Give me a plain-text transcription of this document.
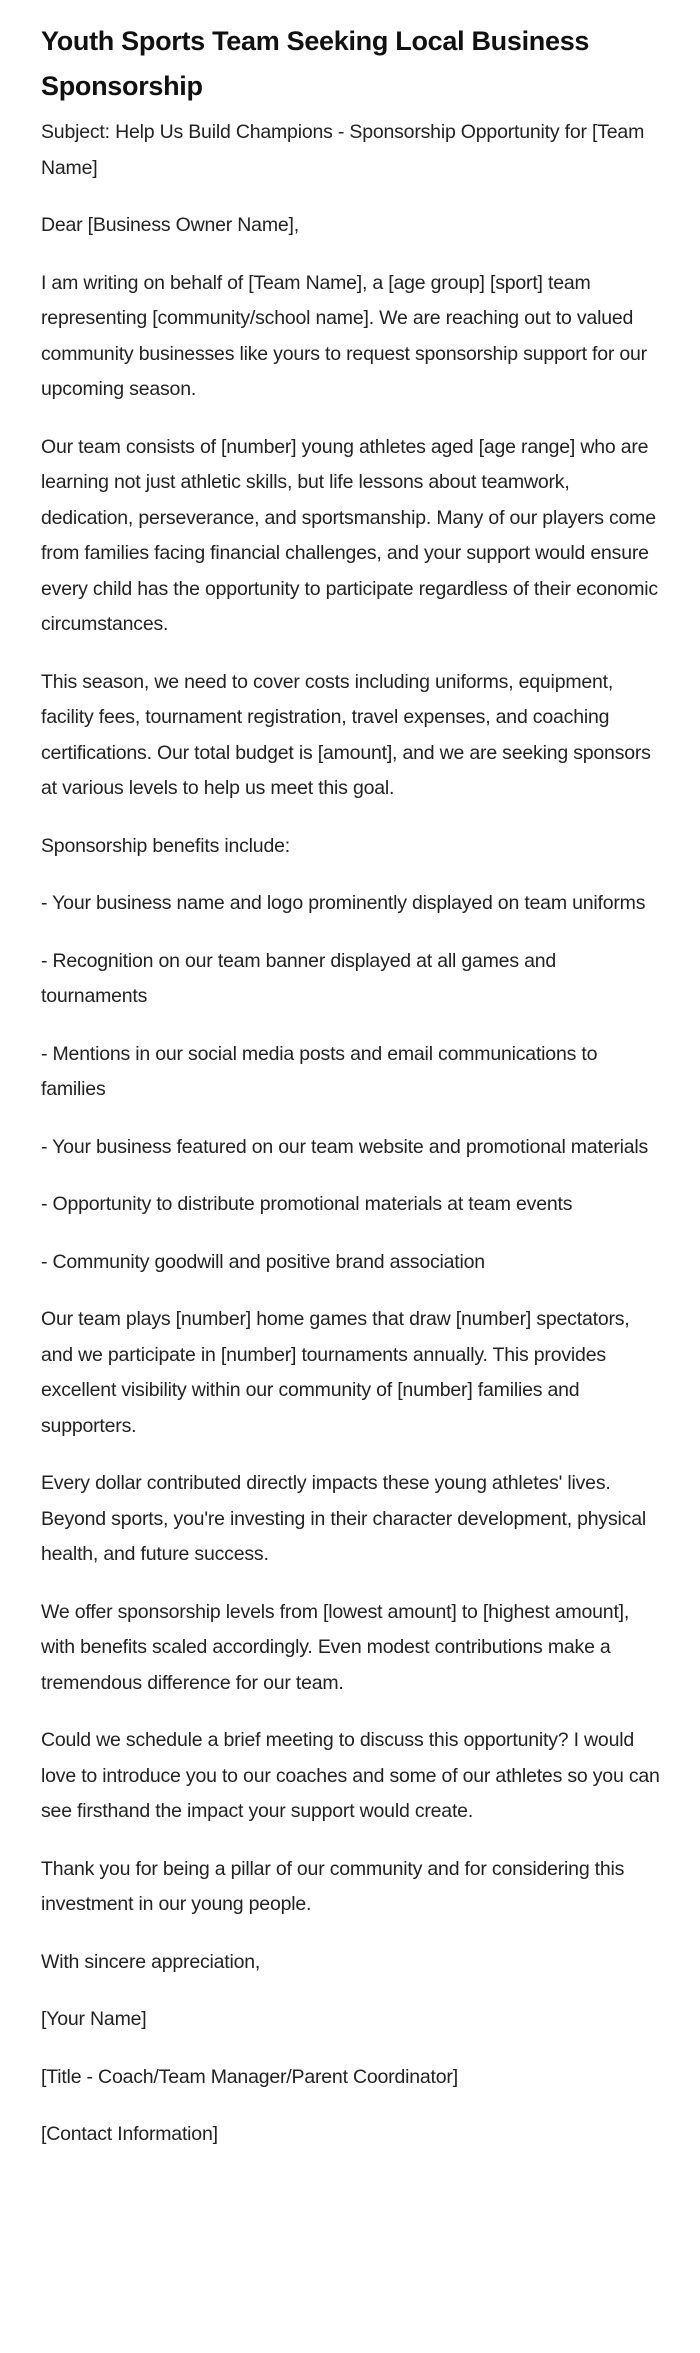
Youth Sports Team Seeking Local Business Sponsorship

Subject: Help Us Build Champions - Sponsorship Opportunity for [Team Name]

Dear [Business Owner Name],

I am writing on behalf of [Team Name], a [age group] [sport] team representing [community/school name]. We are reaching out to valued community businesses like yours to request sponsorship support for our upcoming season.

Our team consists of [number] young athletes aged [age range] who are learning not just athletic skills, but life lessons about teamwork, dedication, perseverance, and sportsmanship. Many of our players come from families facing financial challenges, and your support would ensure every child has the opportunity to participate regardless of their economic circumstances.

This season, we need to cover costs including uniforms, equipment, facility fees, tournament registration, travel expenses, and coaching certifications. Our total budget is [amount], and we are seeking sponsors at various levels to help us meet this goal.

Sponsorship benefits include:

- Your business name and logo prominently displayed on team uniforms

- Recognition on our team banner displayed at all games and tournaments

- Mentions in our social media posts and email communications to families

- Your business featured on our team website and promotional materials

- Opportunity to distribute promotional materials at team events

- Community goodwill and positive brand association

Our team plays [number] home games that draw [number] spectators, and we participate in [number] tournaments annually. This provides excellent visibility within our community of [number] families and supporters.

Every dollar contributed directly impacts these young athletes' lives. Beyond sports, you're investing in their character development, physical health, and future success.

We offer sponsorship levels from [lowest amount] to [highest amount], with benefits scaled accordingly. Even modest contributions make a tremendous difference for our team.

Could we schedule a brief meeting to discuss this opportunity? I would love to introduce you to our coaches and some of our athletes so you can see firsthand the impact your support would create.

Thank you for being a pillar of our community and for considering this investment in our young people.

With sincere appreciation,

[Your Name]

[Title - Coach/Team Manager/Parent Coordinator]

[Contact Information]
